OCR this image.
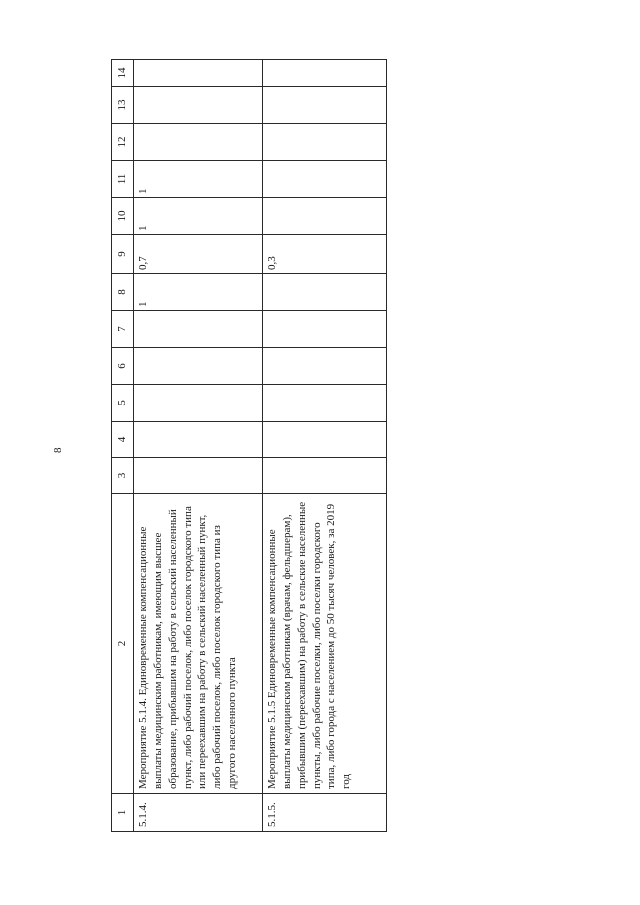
8
1	2	3	4	5	6	7	8	9	10	11	12	13	14
5.1.4.	Мероприятие 5.1.4. Единовременные компенсационные выплаты медицинским работникам, имеющим высшее образование, прибывшим на работу в сельский населенный пункт, либо рабочий поселок, либо поселок городского типа или переехавшим на работу в сельский населенный пункт, либо рабочий поселок, либо поселок городского типа из другого населенного пункта						1	0,7	1	1			
5.1.5.	Мероприятие 5.1.5 Единовременные компенсационные выплаты медицинским работникам (врачам, фельдшерам), прибывшим (переехавшим) на работу в сельские населенные пункты, либо рабочие поселки, либо поселки городского типа, либо города с населением до 50 тысяч человек, за 2019 год							0,3					
